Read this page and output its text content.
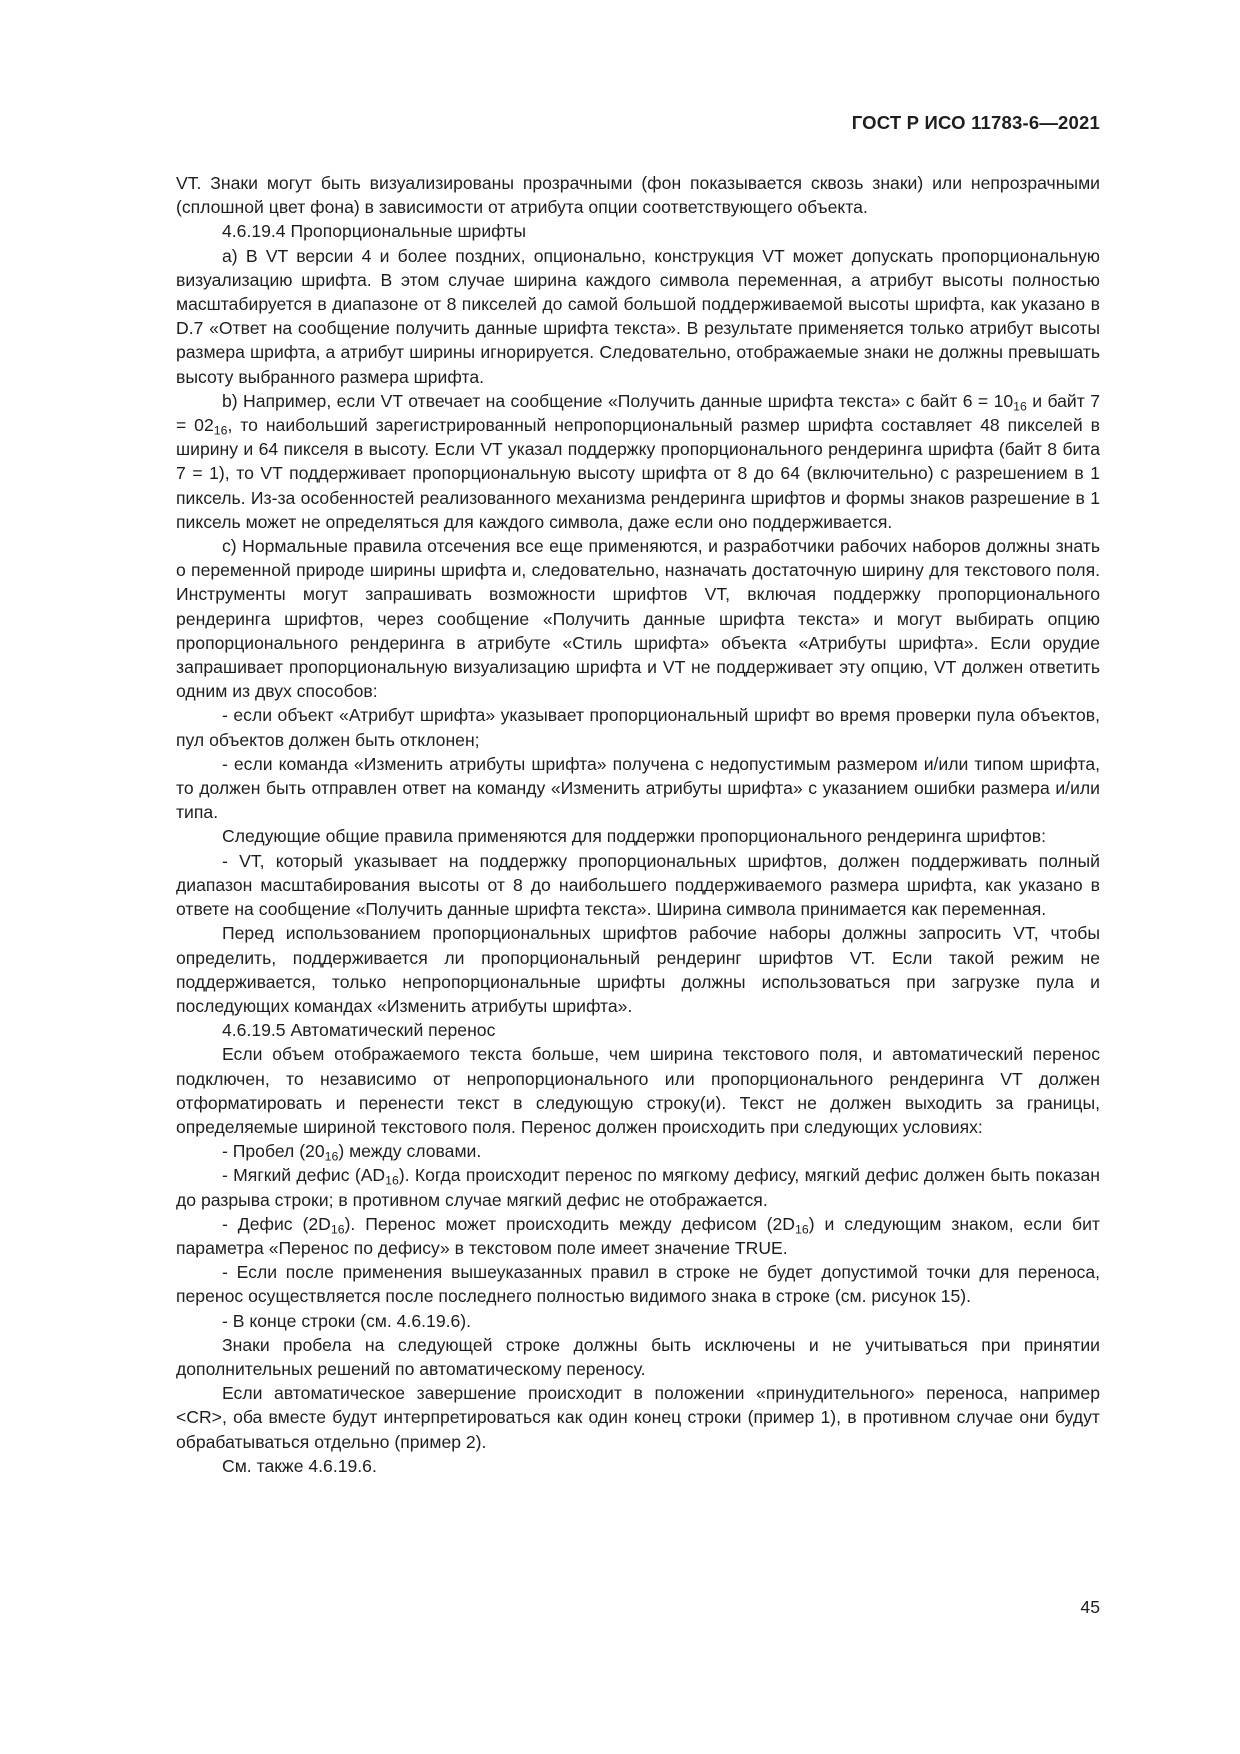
ГОСТ Р ИСО 11783-6—2021

VT. Знаки могут быть визуализированы прозрачными (фон показывается сквозь знаки) или непрозрачными (сплошной цвет фона) в зависимости от атрибута опции соответствующего объекта.

4.6.19.4 Пропорциональные шрифты

a) В VT версии 4 и более поздних, опционально, конструкция VT может допускать пропорциональную визуализацию шрифта. В этом случае ширина каждого символа переменная, а атрибут высоты полностью масштабируется в диапазоне от 8 пикселей до самой большой поддерживаемой высоты шрифта, как указано в D.7 «Ответ на сообщение получить данные шрифта текста». В результате применяется только атрибут высоты размера шрифта, а атрибут ширины игнорируется. Следовательно, отображаемые знаки не должны превышать высоту выбранного размера шрифта.

b) Например, если VT отвечает на сообщение «Получить данные шрифта текста» с байт $6 = 10_{16}$ и байт $7 = 02_{16}$, то наибольший зарегистрированный непропорциональный размер шрифта составляет 48 пикселей в ширину и 64 пикселя в высоту. Если VT указал поддержку пропорционального рендеринга шрифта (байт 8 бита 7 = 1), то VT поддерживает пропорциональную высоту шрифта от 8 до 64 (включительно) с разрешением в 1 пиксель. Из-за особенностей реализованного механизма рендеринга шрифтов и формы знаков разрешение в 1 пиксель может не определяться для каждого символа, даже если оно поддерживается.

c) Нормальные правила отсечения все еще применяются, и разработчики рабочих наборов должны знать о переменной природе ширины шрифта и, следовательно, назначать достаточную ширину для текстового поля. Инструменты могут запрашивать возможности шрифтов VT, включая поддержку пропорционального рендеринга шрифтов, через сообщение «Получить данные шрифта текста» и могут выбирать опцию пропорционального рендеринга в атрибуте «Стиль шрифта» объекта «Атрибуты шрифта». Если орудие запрашивает пропорциональную визуализацию шрифта и VT не поддерживает эту опцию, VT должен ответить одним из двух способов:

- если объект «Атрибут шрифта» указывает пропорциональный шрифт во время проверки пула объектов, пул объектов должен быть отклонен;

- если команда «Изменить атрибуты шрифта» получена с недопустимым размером и/или типом шрифта, то должен быть отправлен ответ на команду «Изменить атрибуты шрифта» с указанием ошибки размера и/или типа.

Следующие общие правила применяются для поддержки пропорционального рендеринга шрифтов:

- VT, который указывает на поддержку пропорциональных шрифтов, должен поддерживать полный диапазон масштабирования высоты от 8 до наибольшего поддерживаемого размера шрифта, как указано в ответе на сообщение «Получить данные шрифта текста». Ширина символа принимается как переменная.

Перед использованием пропорциональных шрифтов рабочие наборы должны запросить VT, чтобы определить, поддерживается ли пропорциональный рендеринг шрифтов VT. Если такой режим не поддерживается, только непропорциональные шрифты должны использоваться при загрузке пула и последующих командах «Изменить атрибуты шрифта».

4.6.19.5 Автоматический перенос

Если объем отображаемого текста больше, чем ширина текстового поля, и автоматический перенос подключен, то независимо от непропорционального или пропорционального рендеринга VT должен отформатировать и перенести текст в следующую строку(и). Текст не должен выходить за границы, определяемые шириной текстового поля. Перенос должен происходить при следующих условиях:

- Пробел $(20_{16})$ между словами.

- Мягкий дефис $(AD_{16})$. Когда происходит перенос по мягкому дефису, мягкий дефис должен быть показан до разрыва строки; в противном случае мягкий дефис не отображается.

- Дефис $(2D_{16})$. Перенос может происходить между дефисом $(2D_{16})$ и следующим знаком, если бит параметра «Перенос по дефису» в текстовом поле имеет значение TRUE.

- Если после применения вышеуказанных правил в строке не будет допустимой точки для переноса, перенос осуществляется после последнего полностью видимого знака в строке (см. рисунок 15).

- В конце строки (см. 4.6.19.6).

Знаки пробела на следующей строке должны быть исключены и не учитываться при принятии дополнительных решений по автоматическому переносу.

Если автоматическое завершение происходит в положении «принудительного» переноса, например <CR>, оба вместе будут интерпретироваться как один конец строки (пример 1), в противном случае они будут обрабатываться отдельно (пример 2).

См. также 4.6.19.6.

45
